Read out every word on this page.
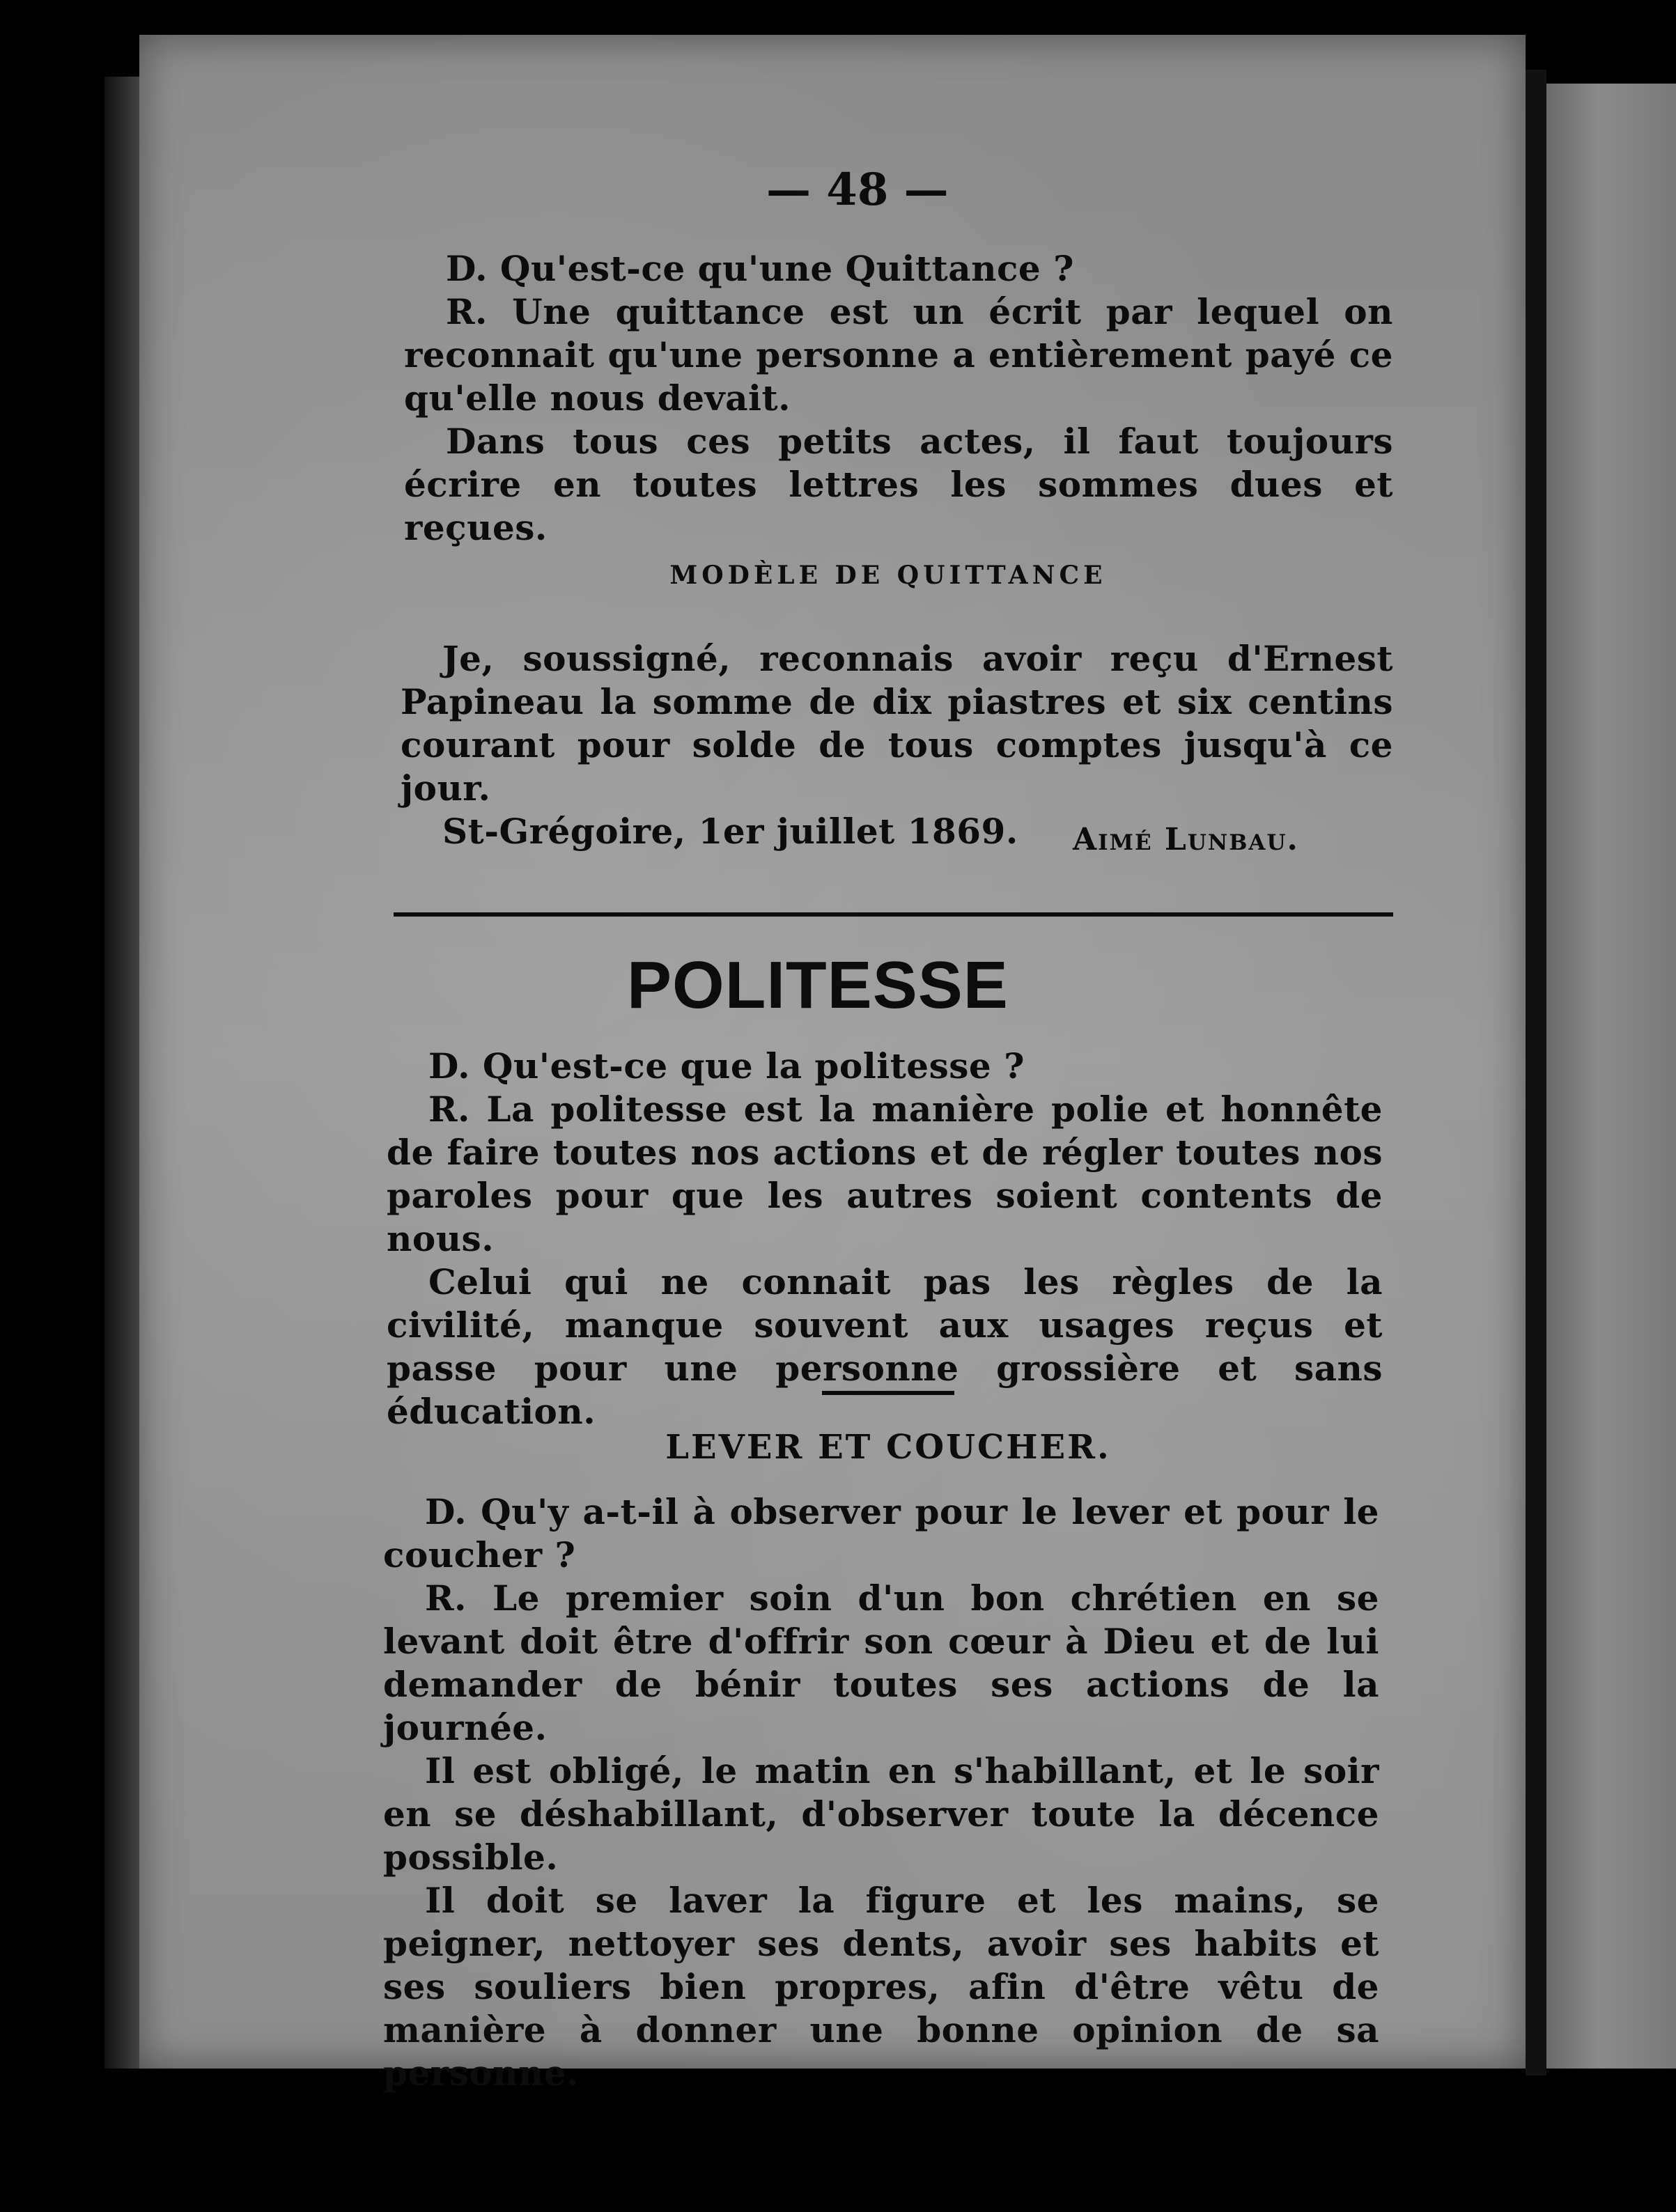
— 48 —

D. Qu'est-ce qu'une Quittance ?

R. Une quittance est un écrit par lequel on reconnait qu'une personne a entièrement payé ce qu'elle nous devait.

Dans tous ces petits actes, il faut toujours écrire en toutes lettres les sommes dues et reçues.

MODÈLE DE QUITTANCE

Je, soussigné, reconnais avoir reçu d'Ernest Papineau la somme de dix piastres et six centins courant pour solde de tous comptes jusqu'à ce jour.

St-Grégoire, 1er juillet 1869.	Aimé Lunbau.
POLITESSE

D. Qu'est-ce que la politesse ?

R. La politesse est la manière polie et honnête de faire toutes nos actions et de régler toutes nos paroles pour que les autres soient contents de nous.

Celui qui ne connait pas les règles de la civilité, manque souvent aux usages reçus et passe pour une personne grossière et sans éducation.

LEVER ET COUCHER.

D. Qu'y a-t-il à observer pour le lever et pour le coucher ?

R. Le premier soin d'un bon chrétien en se levant doit être d'offrir son cœur à Dieu et de lui demander de bénir toutes ses actions de la journée.

Il est obligé, le matin en s'habillant, et le soir en se déshabillant, d'observer toute la décence possible.

Il doit se laver la figure et les mains, se peigner, nettoyer ses dents, avoir ses habits et ses souliers bien propres, afin d'être vêtu de manière à donner une bonne opinion de sa personne.
